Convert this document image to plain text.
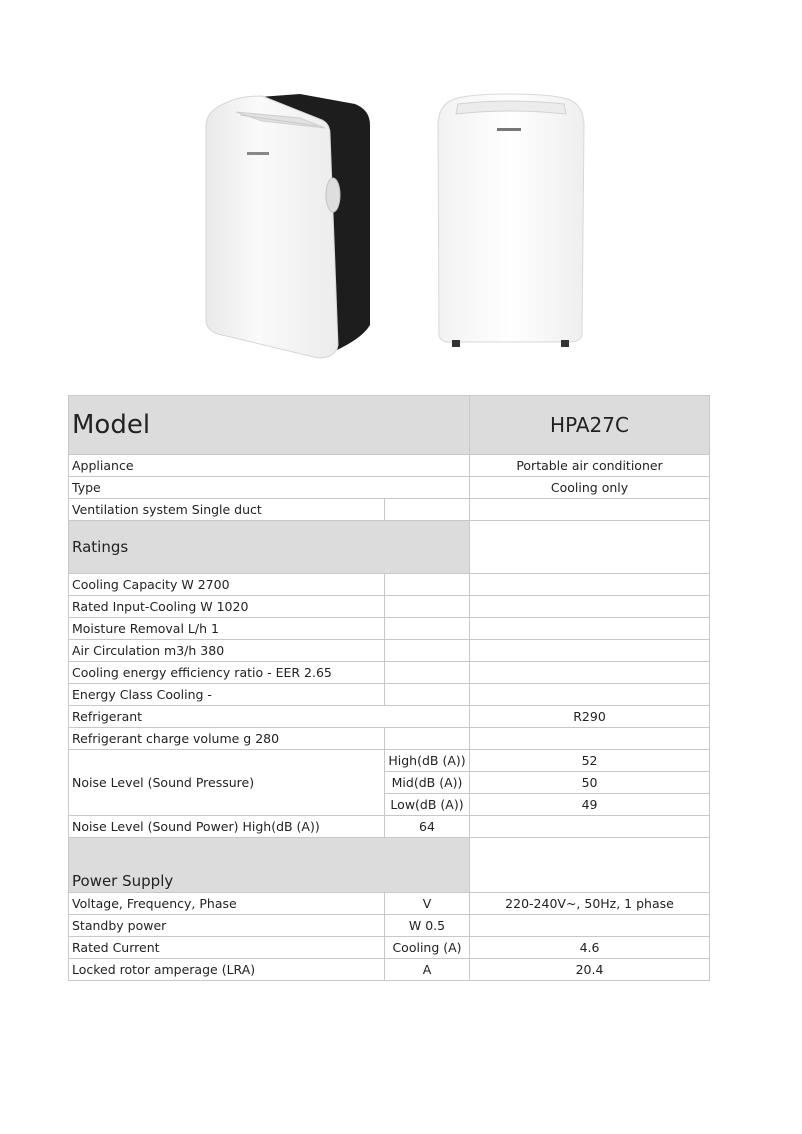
Model		HPA27C
Appliance		Portable air conditioner
Type		Cooling only
Ventilation system Single duct		
Ratings		
Cooling Capacity W 2700		
Rated Input-Cooling W 1020		
Moisture Removal L/h 1		
Air Circulation m3/h 380		
Cooling energy efficiency ratio - EER 2.65		
Energy Class Cooling -		
Refrigerant		R290
Refrigerant charge volume g 280		
Noise Level (Sound Pressure)	High(dB (A))	52
	Mid(dB (A))	50
	Low(dB (A))	49
Noise Level (Sound Power) High(dB (A))	64	
Power Supply		
Voltage, Frequency, Phase	V	220-240V~, 50Hz, 1 phase
Standby power	W 0.5	
Rated Current	Cooling (A)	4.6
Locked rotor amperage (LRA)	A	20.4
